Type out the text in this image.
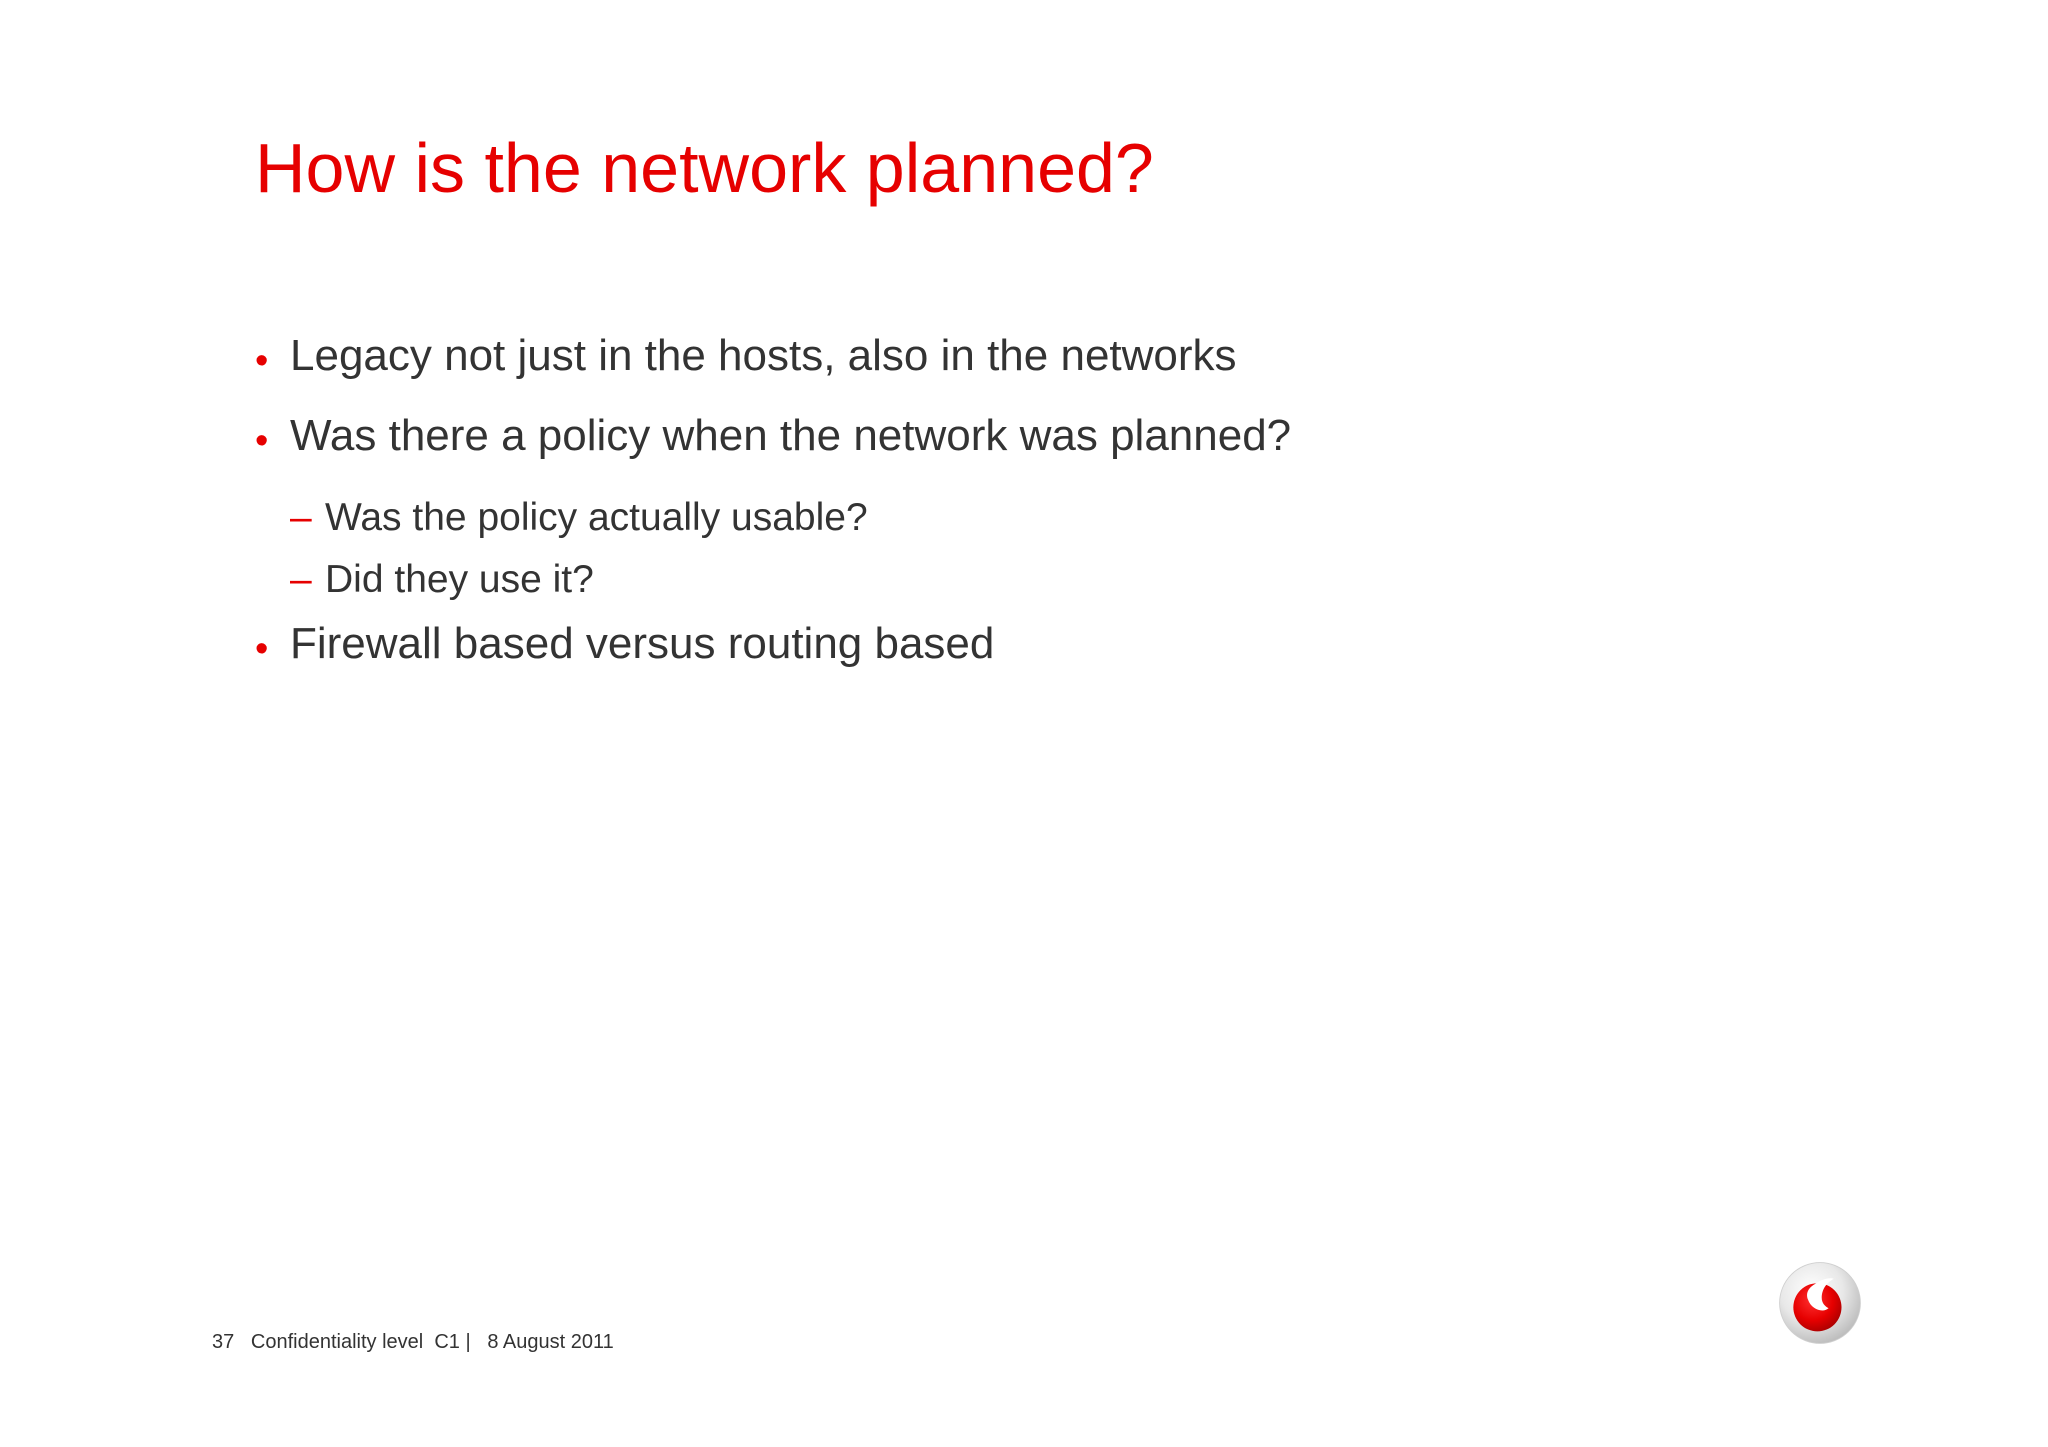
How is the network planned?
• Legacy not just in the hosts, also in the networks
• Was there a policy when the network was planned?
– Was the policy actually usable?
– Did they use it?
• Firewall based versus routing based
37 Confidentiality level  C1 | 8 August 2011
